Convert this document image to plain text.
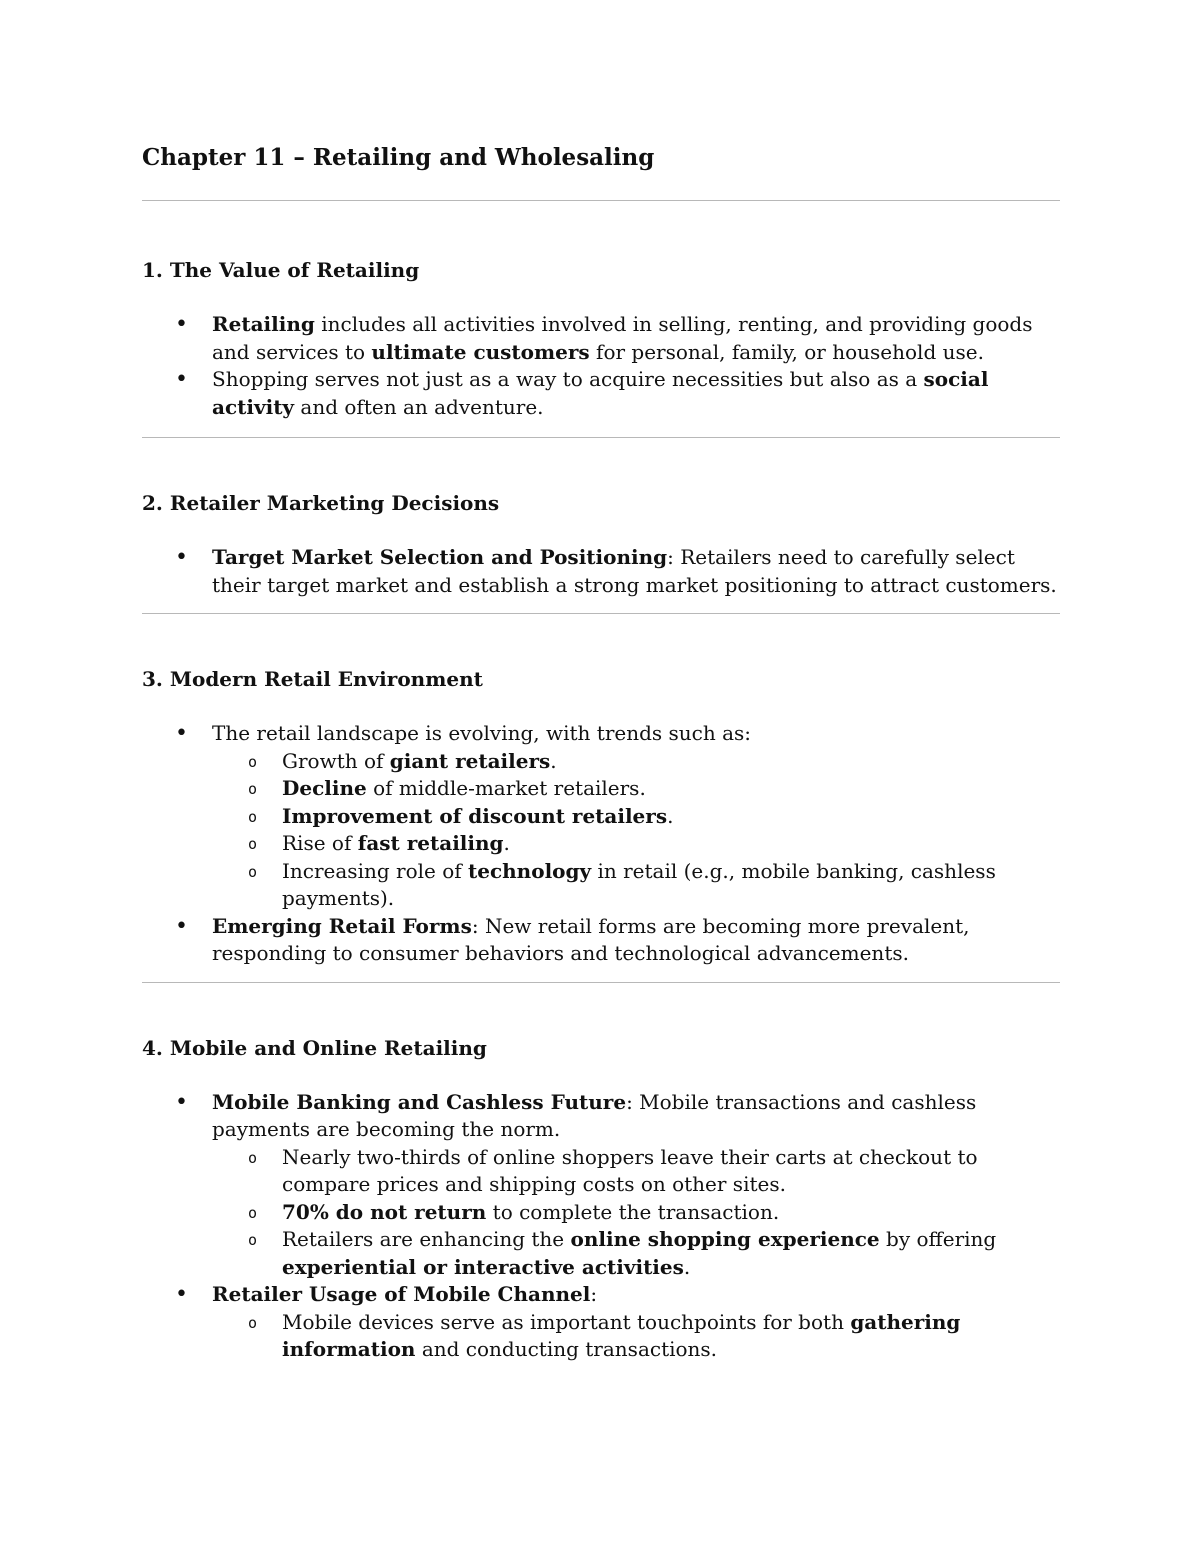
Chapter 11 – Retailing and Wholesaling
1. The Value of Retailing
• Retailing includes all activities involved in selling, renting, and providing goods and services to ultimate customers for personal, family, or household use.
• Shopping serves not just as a way to acquire necessities but also as a social activity and often an adventure.
2. Retailer Marketing Decisions
• Target Market Selection and Positioning: Retailers need to carefully select their target market and establish a strong market positioning to attract customers.
3. Modern Retail Environment
• The retail landscape is evolving, with trends such as:
o Growth of giant retailers.
o Decline of middle-market retailers.
o Improvement of discount retailers.
o Rise of fast retailing.
o Increasing role of technology in retail (e.g., mobile banking, cashless payments).
• Emerging Retail Forms: New retail forms are becoming more prevalent, responding to consumer behaviors and technological advancements.
4. Mobile and Online Retailing
• Mobile Banking and Cashless Future: Mobile transactions and cashless payments are becoming the norm.
o Nearly two-thirds of online shoppers leave their carts at checkout to compare prices and shipping costs on other sites.
o 70% do not return to complete the transaction.
o Retailers are enhancing the online shopping experience by offering experiential or interactive activities.
• Retailer Usage of Mobile Channel:
o Mobile devices serve as important touchpoints for both gathering information and conducting transactions.
